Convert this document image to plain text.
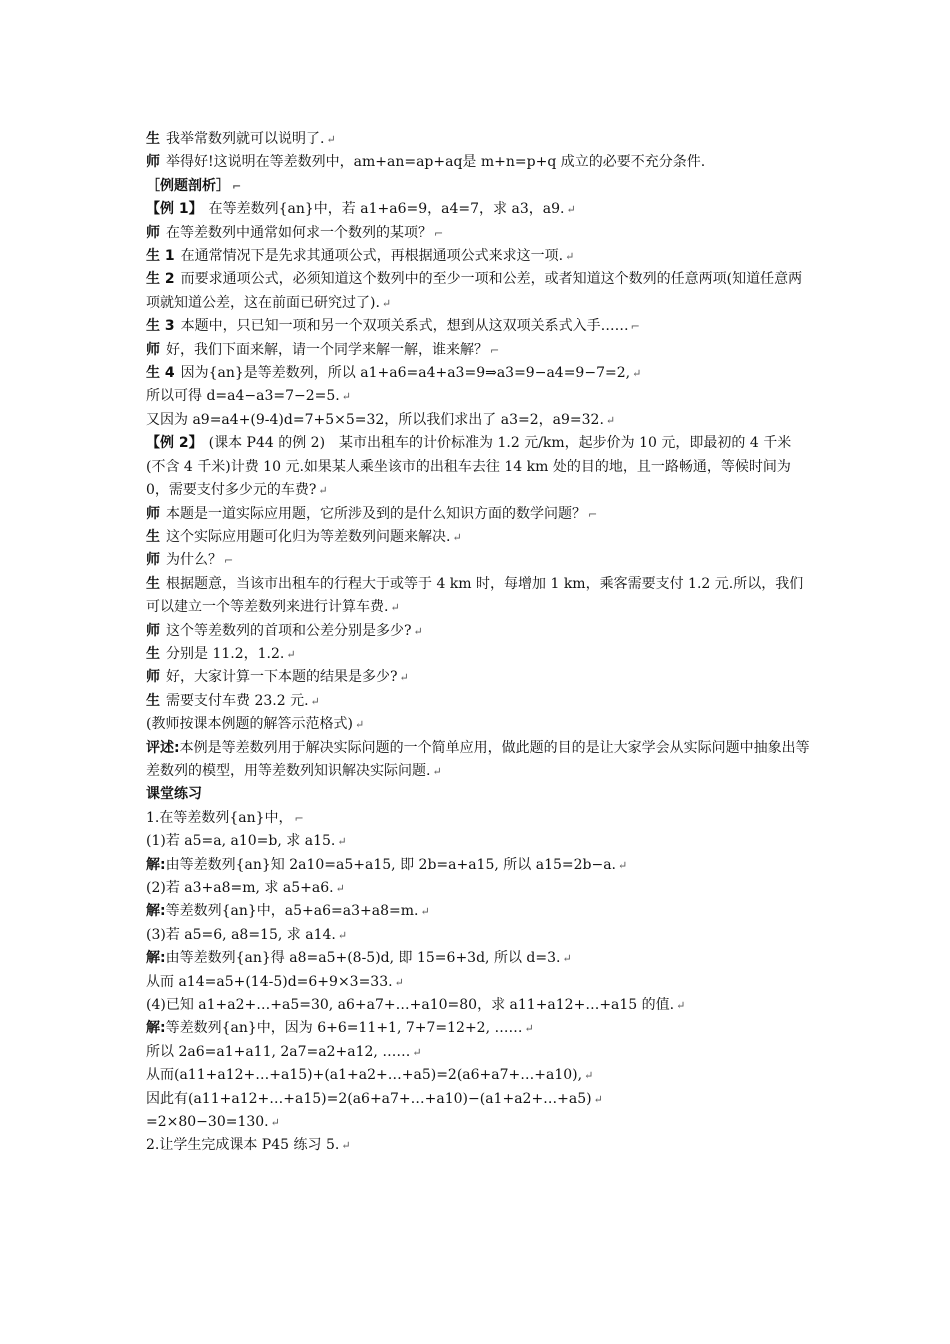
生 我举常数列就可以说明了. ↵
师 举得好!这说明在等差数列中，am+an=ap+aq是 m+n=p+q 成立的必要不充分条件.
［例题剖析］ ⌐
【例 1】 在等差数列{an}中，若 a1+a6=9，a4=7，求 a3，a9. ↵
师 在等差数列中通常如何求一个数列的某项？ ⌐
生 1 在通常情况下是先求其通项公式，再根据通项公式来求这一项. ↵
生 2 而要求通项公式，必须知道这个数列中的至少一项和公差，或者知道这个数列的任意两项(知道任意两项就知道公差，这在前面已研究过了). ↵
生 3 本题中，只已知一项和另一个双项关系式，想到从这双项关系式入手…… ⌐
师 好，我们下面来解，请一个同学来解一解，谁来解？ ⌐
生 4 因为{an}是等差数列，所以 a1+a6=a4+a3=9⇒a3=9−a4=9−7=2, ↵
所以可得 d=a4−a3=7−2=5. ↵
又因为 a9=a4+(9-4)d=7+5×5=32，所以我们求出了 a3=2，a9=32. ↵
【例 2】 (课本 P44 的例 2)　某市出租车的计价标准为 1.2 元/km，起步价为 10 元，即最初的 4 千米(不含 4 千米)计费 10 元.如果某人乘坐该市的出租车去往 14 km 处的目的地，且一路畅通，等候时间为 0，需要支付多少元的车费? ↵
师 本题是一道实际应用题，它所涉及到的是什么知识方面的数学问题？ ⌐
生 这个实际应用题可化归为等差数列问题来解决. ↵
师 为什么？ ⌐
生 根据题意，当该市出租车的行程大于或等于 4 km 时，每增加 1 km，乘客需要支付 1.2 元.所以，我们可以建立一个等差数列来进行计算车费. ↵
师 这个等差数列的首项和公差分别是多少? ↵
生 分别是 11.2，1.2. ↵
师 好，大家计算一下本题的结果是多少? ↵
生 需要支付车费 23.2 元. ↵
(教师按课本例题的解答示范格式) ↵
评述:本例是等差数列用于解决实际问题的一个简单应用，做此题的目的是让大家学会从实际问题中抽象出等差数列的模型，用等差数列知识解决实际问题. ↵
课堂练习
1.在等差数列{an}中， ⌐
(1)若 a5=a, a10=b, 求 a15. ↵
解:由等差数列{an}知 2a10=a5+a15, 即 2b=a+a15, 所以 a15=2b−a. ↵
(2)若 a3+a8=m, 求 a5+a6. ↵
解:等差数列{an}中，a5+a6=a3+a8=m. ↵
(3)若 a5=6, a8=15, 求 a14. ↵
解:由等差数列{an}得 a8=a5+(8-5)d, 即 15=6+3d, 所以 d=3. ↵
从而 a14=a5+(14-5)d=6+9×3=33. ↵
(4)已知 a1+a2+…+a5=30, a6+a7+…+a10=80，求 a11+a12+…+a15 的值. ↵
解:等差数列{an}中，因为 6+6=11+1, 7+7=12+2, …… ↵
所以 2a6=a1+a11, 2a7=a2+a12, …… ↵
从而(a11+a12+…+a15)+(a1+a2+…+a5)=2(a6+a7+…+a10), ↵
因此有(a11+a12+…+a15)=2(a6+a7+…+a10)−(a1+a2+…+a5) ↵
=2×80−30=130. ↵
2.让学生完成课本 P45 练习 5. ↵
